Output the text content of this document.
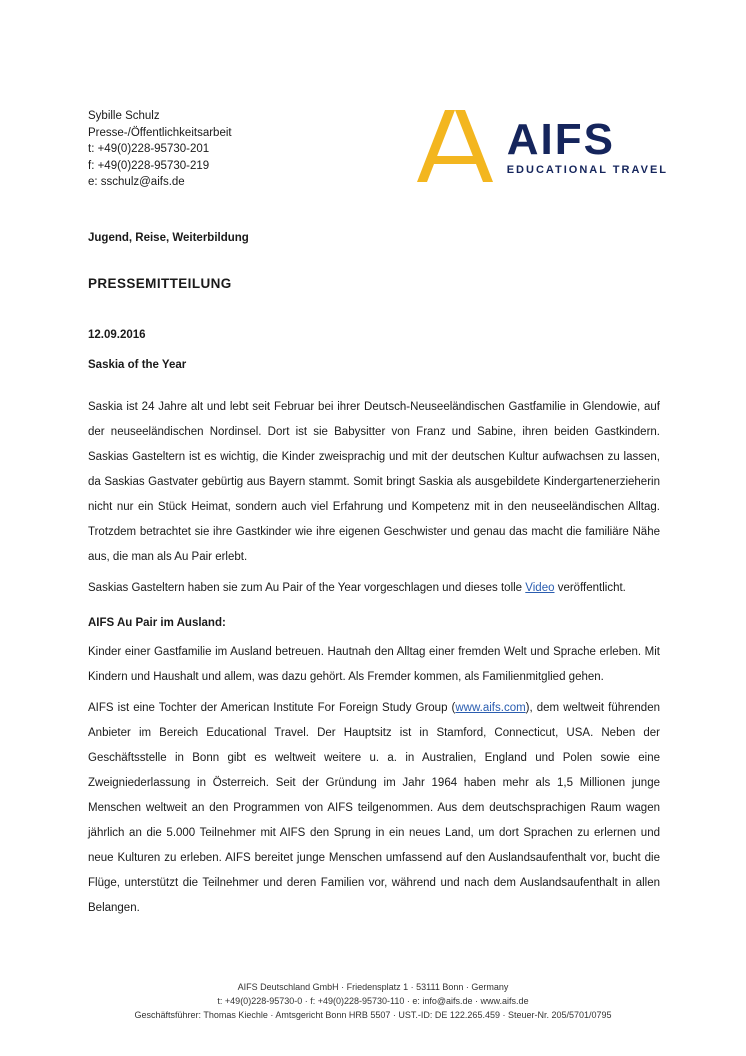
Sybille Schulz
Presse-/Öffentlichkeitsarbeit
t: +49(0)228-95730-201
f: +49(0)228-95730-219
e: sschulz@aifs.de
AIFS
EDUCATIONAL TRAVEL
Jugend, Reise, Weiterbildung
PRESSEMITTEILUNG
12.09.2016
Saskia of the Year

Saskia ist 24 Jahre alt und lebt seit Februar bei ihrer Deutsch-Neuseeländischen Gastfamilie in Glendowie, auf der neuseeländischen Nordinsel. Dort ist sie Babysitter von Franz und Sabine, ihren beiden Gastkindern. Saskias Gasteltern ist es wichtig, die Kinder zweisprachig und mit der deutschen Kultur aufwachsen zu lassen, da Saskias Gastvater gebürtig aus Bayern stammt. Somit bringt Saskia als ausgebildete Kindergartenerzieherin nicht nur ein Stück Heimat, sondern auch viel Erfahrung und Kompetenz mit in den neuseeländischen Alltag. Trotzdem betrachtet sie ihre Gastkinder wie ihre eigenen Geschwister und genau das macht die familiäre Nähe aus, die man als Au Pair erlebt.

Saskias Gasteltern haben sie zum Au Pair of the Year vorgeschlagen und dieses tolle Video veröffentlicht.

AIFS Au Pair im Ausland:

Kinder einer Gastfamilie im Ausland betreuen. Hautnah den Alltag einer fremden Welt und Sprache erleben. Mit Kindern und Haushalt und allem, was dazu gehört. Als Fremder kommen, als Familienmitglied gehen.

AIFS ist eine Tochter der American Institute For Foreign Study Group (www.aifs.com), dem weltweit führenden Anbieter im Bereich Educational Travel. Der Hauptsitz ist in Stamford, Connecticut, USA. Neben der Geschäftsstelle in Bonn gibt es weltweit weitere u. a. in Australien, England und Polen sowie eine Zweigniederlassung in Österreich. Seit der Gründung im Jahr 1964 haben mehr als 1,5 Millionen junge Menschen weltweit an den Programmen von AIFS teilgenommen. Aus dem deutschsprachigen Raum wagen jährlich an die 5.000 Teilnehmer mit AIFS den Sprung in ein neues Land, um dort Sprachen zu erlernen und neue Kulturen zu erleben. AIFS bereitet junge Menschen umfassend auf den Auslandsaufenthalt vor, bucht die Flüge, unterstützt die Teilnehmer und deren Familien vor, während und nach dem Auslandsaufenthalt in allen Belangen.

AIFS Deutschland GmbH · Friedensplatz 1 · 53111 Bonn · Germany
t: +49(0)228-95730-0 · f: +49(0)228-95730-110 · e: info@aifs.de · www.aifs.de
Geschäftsführer: Thomas Kiechle · Amtsgericht Bonn HRB 5507 · UST.-ID: DE 122.265.459 · Steuer-Nr. 205/5701/0795
